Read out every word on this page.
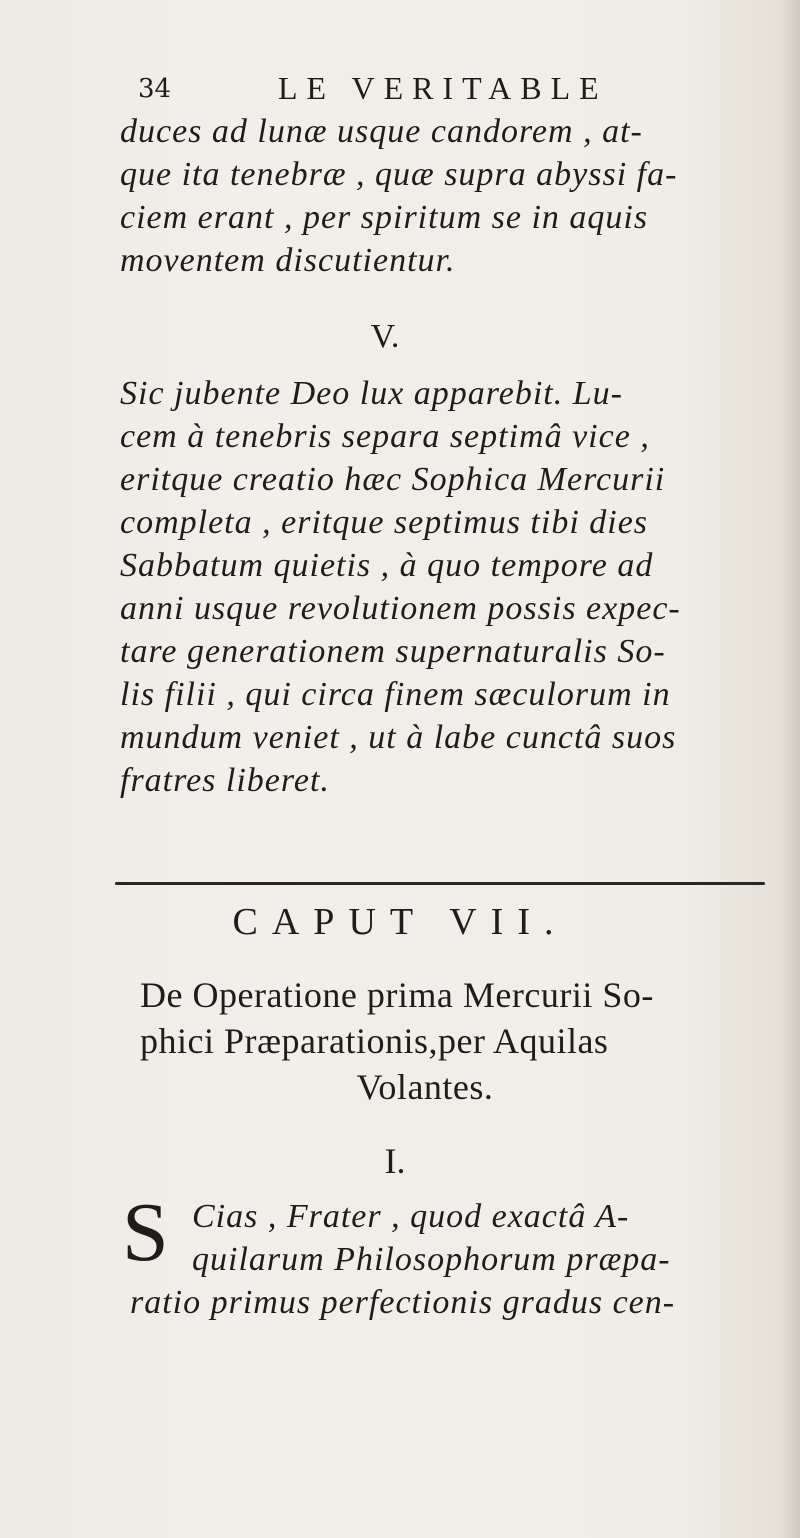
34	LE VERITABLE
duces ad lunæ usque candorem , at-
que ita tenebræ , quæ supra abyssi fa-
ciem erant , per spiritum se in aquis
moventem discutientur.
V.
Sic jubente Deo lux apparebit. Lu-
cem à tenebris separa septimâ vice ,
eritque creatio hæc Sophica Mercurii
completa , eritque septimus tibi dies
Sabbatum quietis , à quo tempore ad
anni usque revolutionem possis expec-
tare generationem supernaturalis So-
lis filii , qui circa finem sæculorum in
mundum veniet , ut à labe cunctâ suos
fratres liberet.
CAPUT VII.
De Operatione prima Mercurii So-
phici Præparationis,per Aquilas
Volantes.
I.
S Cias , Frater , quod exactâ A-
quilarum Philosophorum præpa-
ratio primus perfectionis gradus cen-
